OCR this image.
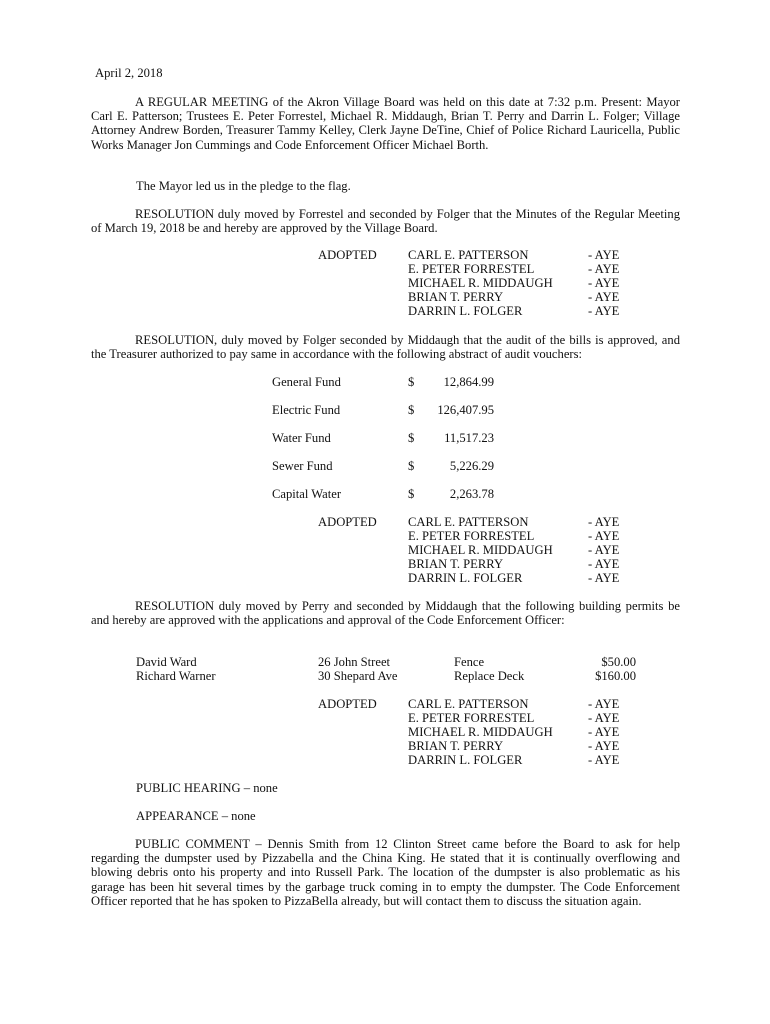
April 2, 2018

A REGULAR MEETING of the Akron Village Board was held on this date at 7:32 p.m. Present: Mayor Carl E. Patterson; Trustees E. Peter Forrestel, Michael R. Middaugh, Brian T. Perry and Darrin L. Folger; Village Attorney Andrew Borden, Treasurer Tammy Kelley, Clerk Jayne DeTine, Chief of Police Richard Lauricella, Public Works Manager Jon Cummings and Code Enforcement Officer Michael Borth.

The Mayor led us in the pledge to the flag.

RESOLUTION duly moved by Forrestel and seconded by Folger that the Minutes of the Regular Meeting of March 19, 2018 be and hereby are approved by the Village Board.

ADOPTED CARL E. PATTERSON	- AYE
E. PETER FORRESTEL	- AYE
MICHAEL R. MIDDAUGH	- AYE
BRIAN T. PERRY	- AYE
DARRIN L. FOLGER	- AYE

RESOLUTION, duly moved by Folger seconded by Middaugh that the audit of the bills is approved, and the Treasurer authorized to pay same in accordance with the following abstract of audit vouchers:

General Fund	$ 12,864.99
Electric Fund	$ 126,407.95
Water Fund	$ 11,517.23
Sewer Fund	$	5,226.29
Capital Water	$	2,263.78
ADOPTED CARL E. PATTERSON	- AYE
E. PETER FORRESTEL	- AYE
MICHAEL R. MIDDAUGH	- AYE
BRIAN T. PERRY	- AYE
DARRIN L. FOLGER	- AYE

RESOLUTION duly moved by Perry and seconded by Middaugh that the following building permits be and hereby are approved with the applications and approval of the Code Enforcement Officer:

David Ward	26 John Street	Fence	$50.00
Richard Warner	30 Shepard Ave	Replace Deck	$160.00
ADOPTED CARL E. PATTERSON	- AYE
E. PETER FORRESTEL	- AYE
MICHAEL R. MIDDAUGH	- AYE
BRIAN T. PERRY	- AYE
DARRIN L. FOLGER	- AYE
PUBLIC HEARING – none
APPEARANCE – none

PUBLIC COMMENT – Dennis Smith from 12 Clinton Street came before the Board to ask for help regarding the dumpster used by Pizzabella and the China King. He stated that it is continually overflowing and blowing debris onto his property and into Russell Park. The location of the dumpster is also problematic as his garage has been hit several times by the garbage truck coming in to empty the dumpster. The Code Enforcement Officer reported that he has spoken to PizzaBella already, but will contact them to discuss the situation again.
